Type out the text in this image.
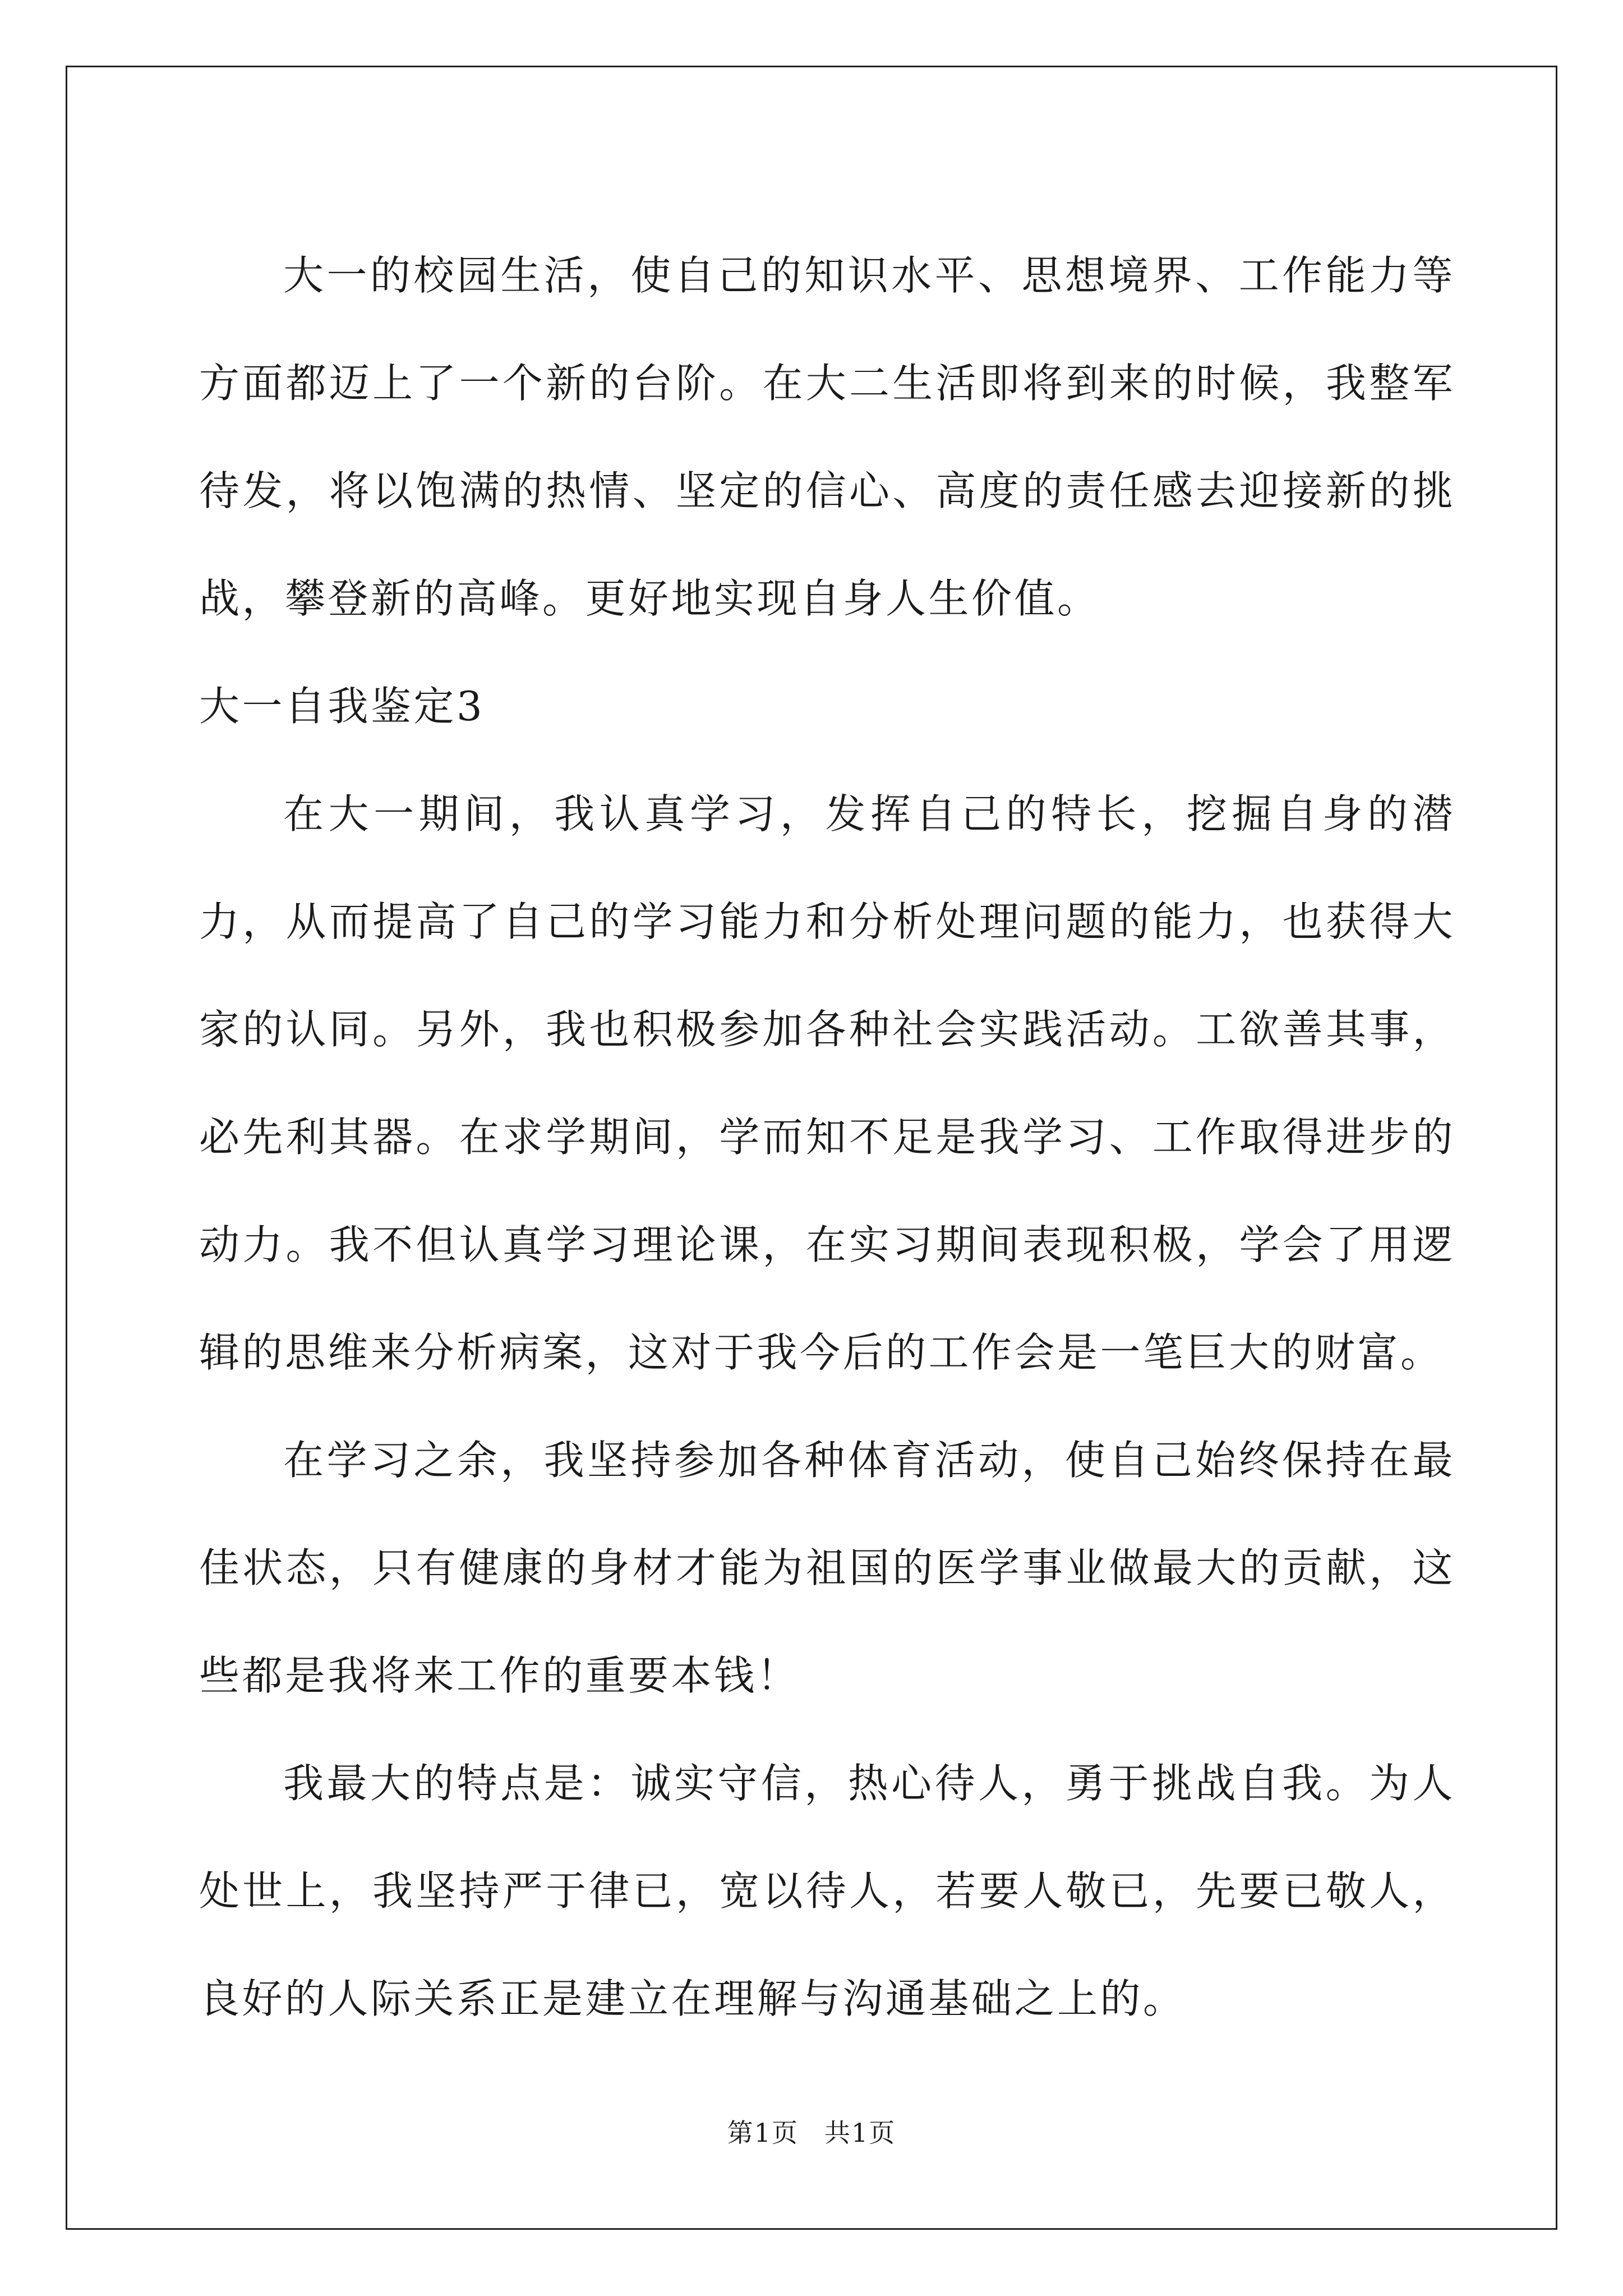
大一的校园生活，使自己的知识水平、思想境界、工作能力等方面都迈上了一个新的台阶。在大二生活即将到来的时候，我整军待发，将以饱满的热情、坚定的信心、高度的责任感去迎接新的挑战，攀登新的高峰。更好地实现自身人生价值。

大一自我鉴定3

在大一期间，我认真学习，发挥自己的特长，挖掘自身的潜力，从而提高了自己的学习能力和分析处理问题的能力，也获得大家的认同。另外，我也积极参加各种社会实践活动。工欲善其事，必先利其器。在求学期间，学而知不足是我学习、工作取得进步的动力。我不但认真学习理论课，在实习期间表现积极，学会了用逻辑的思维来分析病案，这对于我今后的工作会是一笔巨大的财富。

在学习之余，我坚持参加各种体育活动，使自己始终保持在最佳状态，只有健康的身材才能为祖国的医学事业做最大的贡献，这些都是我将来工作的重要本钱！

我最大的特点是：诚实守信，热心待人，勇于挑战自我。为人处世上，我坚持严于律已，宽以待人，若要人敬已，先要已敬人，良好的人际关系正是建立在理解与沟通基础之上的。

第1页 共1页
